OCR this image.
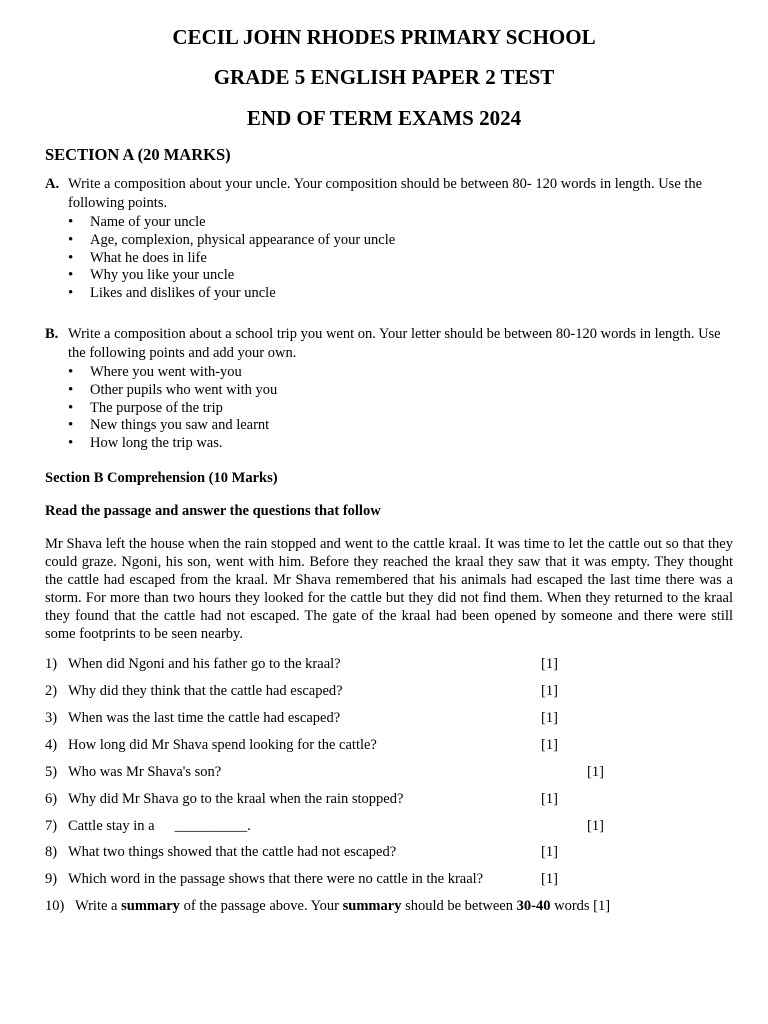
CECIL JOHN RHODES PRIMARY SCHOOL
GRADE 5 ENGLISH PAPER 2 TEST
END OF TERM EXAMS 2024
SECTION A (20 MARKS)
A. Write a composition about your uncle. Your composition should be between 80- 120 words in length. Use the following points.
• Name of your uncle
• Age, complexion, physical appearance of your uncle
• What he does in life
• Why you like your uncle
• Likes and dislikes of your uncle
B. Write a composition about a school trip you went on. Your letter should be between 80-120 words in length. Use the following points and add your own.
• Where you went with-you
• Other pupils who went with you
• The purpose of the trip
• New things you saw and learnt
• How long the trip was.
Section B Comprehension (10 Marks)
Read the passage and answer the questions that follow

Mr Shava left the house when the rain stopped and went to the cattle kraal. It was time to let the cattle out so that they could graze. Ngoni, his son, went with him. Before they reached the kraal they saw that it was empty. They thought the cattle had escaped from the kraal. Mr Shava remembered that his animals had escaped the last time there was a storm. For more than two hours they looked for the cattle but they did not find them. When they returned to the kraal they found that the cattle had not escaped. The gate of the kraal had been opened by someone and there were still some footprints to be seen nearby.

1) When did Ngoni and his father go to the kraal?	[1]
2) Why did they think that the cattle had escaped?	[1]
3) When was the last time the cattle had escaped?	[1]
4) How long did Mr Shava spend looking for the cattle?	[1]
5) Who was Mr Shava's son?	[1]
6) Why did Mr Shava go to the kraal when the rain stopped?	[1]
7) Cattle stay in a __________.	[1]
8) What two things showed that the cattle had not escaped?	[1]
9) Which word in the passage shows that there were no cattle in the kraal?	[1]
10) Write a summary of the passage above. Your summary should be between 30-40 words [1]
